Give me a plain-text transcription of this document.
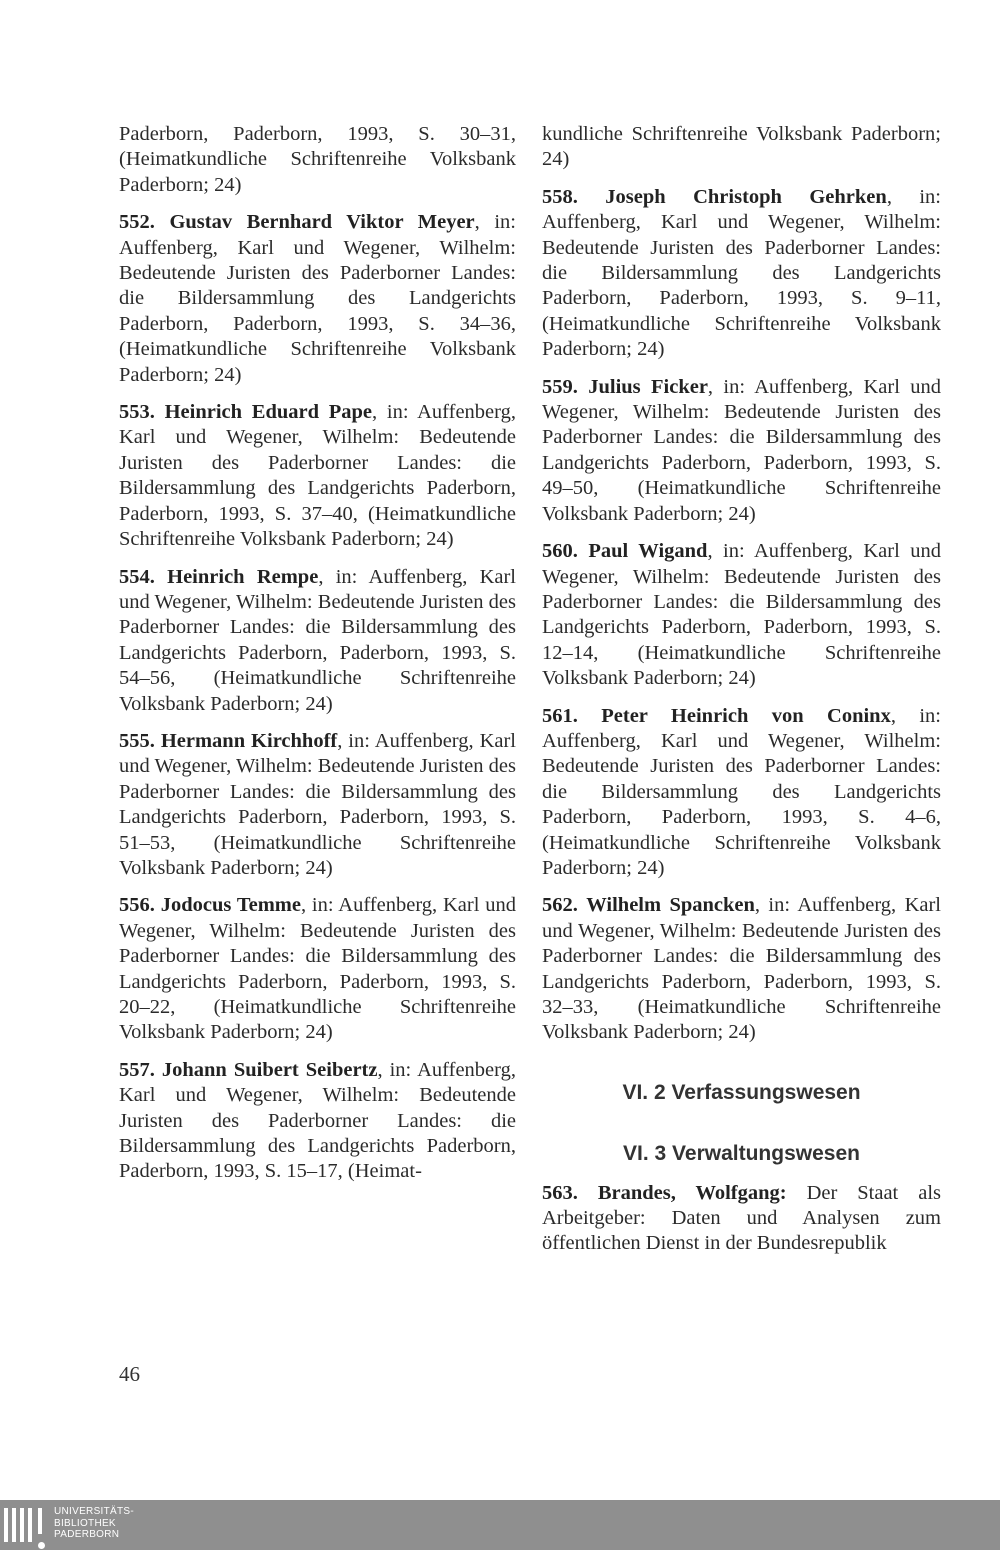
Paderborn, Paderborn, 1993, S. 30–31, (Heimatkundliche Schriftenreihe Volksbank Paderborn; 24)

552. Gustav Bernhard Viktor Meyer, in: Auffenberg, Karl und Wegener, Wilhelm: Bedeutende Juristen des Paderborner Landes: die Bildersammlung des Landgerichts Paderborn, Paderborn, 1993, S. 34–36, (Heimatkundliche Schriftenreihe Volksbank Paderborn; 24)

553. Heinrich Eduard Pape, in: Auffenberg, Karl und Wegener, Wilhelm: Bedeutende Juristen des Paderborner Landes: die Bildersammlung des Landgerichts Paderborn, Paderborn, 1993, S. 37–40, (Heimatkundliche Schriftenreihe Volksbank Paderborn; 24)

554. Heinrich Rempe, in: Auffenberg, Karl und Wegener, Wilhelm: Bedeutende Juristen des Paderborner Landes: die Bildersammlung des Landgerichts Paderborn, Paderborn, 1993, S. 54–56, (Heimatkundliche Schriftenreihe Volksbank Paderborn; 24)

555. Hermann Kirchhoff, in: Auffenberg, Karl und Wegener, Wilhelm: Bedeutende Juristen des Paderborner Landes: die Bildersammlung des Landgerichts Paderborn, Paderborn, 1993, S. 51–53, (Heimatkundliche Schriftenreihe Volksbank Paderborn; 24)

556. Jodocus Temme, in: Auffenberg, Karl und Wegener, Wilhelm: Bedeutende Juristen des Paderborner Landes: die Bildersammlung des Landgerichts Paderborn, Paderborn, 1993, S. 20–22, (Heimatkundliche Schriftenreihe Volksbank Paderborn; 24)

557. Johann Suibert Seibertz, in: Auffenberg, Karl und Wegener, Wilhelm: Bedeutende Juristen des Paderborner Landes: die Bildersammlung des Landgerichts Paderborn, Paderborn, 1993, S. 15–17, (Heimat-

kundliche Schriftenreihe Volksbank Paderborn; 24)

558. Joseph Christoph Gehrken, in: Auffenberg, Karl und Wegener, Wilhelm: Bedeutende Juristen des Paderborner Landes: die Bildersammlung des Landgerichts Paderborn, Paderborn, 1993, S. 9–11, (Heimatkundliche Schriftenreihe Volksbank Paderborn; 24)

559. Julius Ficker, in: Auffenberg, Karl und Wegener, Wilhelm: Bedeutende Juristen des Paderborner Landes: die Bildersammlung des Landgerichts Paderborn, Paderborn, 1993, S. 49–50, (Heimatkundliche Schriftenreihe Volksbank Paderborn; 24)

560. Paul Wigand, in: Auffenberg, Karl und Wegener, Wilhelm: Bedeutende Juristen des Paderborner Landes: die Bildersammlung des Landgerichts Paderborn, Paderborn, 1993, S. 12–14, (Heimatkundliche Schriftenreihe Volksbank Paderborn; 24)

561. Peter Heinrich von Coninx, in: Auffenberg, Karl und Wegener, Wilhelm: Bedeutende Juristen des Paderborner Landes: die Bildersammlung des Landgerichts Paderborn, Paderborn, 1993, S. 4–6, (Heimatkundliche Schriftenreihe Volksbank Paderborn; 24)

562. Wilhelm Spancken, in: Auffenberg, Karl und Wegener, Wilhelm: Bedeutende Juristen des Paderborner Landes: die Bildersammlung des Landgerichts Paderborn, Paderborn, 1993, S. 32–33, (Heimatkundliche Schriftenreihe Volksbank Paderborn; 24)

VI. 2 Verfassungswesen
VI. 3 Verwaltungswesen

563. Brandes, Wolfgang: Der Staat als Arbeitgeber: Daten und Analysen zum öffentlichen Dienst in der Bundesrepublik

46
UNIVERSITÄTS-
BIBLIOTHEK
PADERBORN
